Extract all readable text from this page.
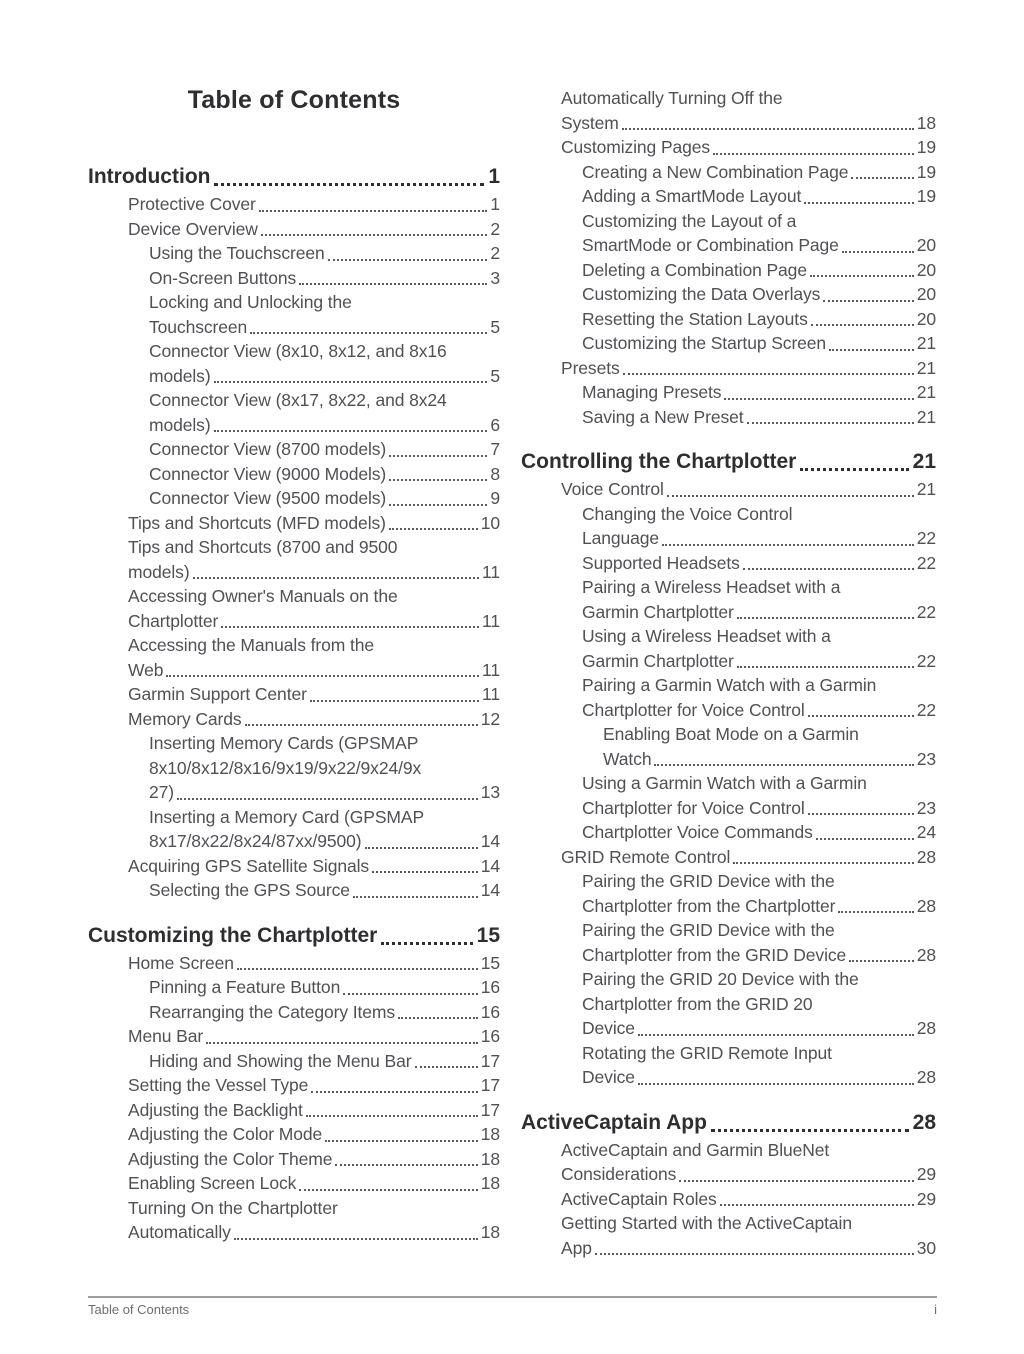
Table of Contents
Introduction	1
Protective Cover	1
Device Overview	2
Using the Touchscreen	2
On-Screen Buttons	3
Locking and Unlocking the
Touchscreen	5
Connector View (8x10, 8x12, and 8x16
models)	5
Connector View (8x17, 8x22, and 8x24
models)	6
Connector View (8700 models)	7
Connector View (9000 Models)	8
Connector View (9500 models)	9
Tips and Shortcuts (MFD models)	10
Tips and Shortcuts (8700 and 9500
models)	11
Accessing Owner's Manuals on the
Chartplotter	11
Accessing the Manuals from the
Web	11
Garmin Support Center	11
Memory Cards	12
Inserting Memory Cards (GPSMAP
8x10/8x12/8x16/9x19/9x22/9x24/9x
27)	13
Inserting a Memory Card (GPSMAP
8x17/8x22/8x24/87xx/9500)	14
Acquiring GPS Satellite Signals	14
Selecting the GPS Source	14
Customizing the Chartplotter	15
Home Screen	15
Pinning a Feature Button	16
Rearranging the Category Items	16
Menu Bar	16
Hiding and Showing the Menu Bar	17
Setting the Vessel Type	17
Adjusting the Backlight	17
Adjusting the Color Mode	18
Adjusting the Color Theme	18
Enabling Screen Lock	18
Turning On the Chartplotter
Automatically	18
Automatically Turning Off the
System	18
Customizing Pages	19
Creating a New Combination Page	19
Adding a SmartMode Layout	19
Customizing the Layout of a
SmartMode or Combination Page	20
Deleting a Combination Page	20
Customizing the Data Overlays	20
Resetting the Station Layouts	20
Customizing the Startup Screen	21
Presets	21
Managing Presets	21
Saving a New Preset	21
Controlling the Chartplotter	21
Voice Control	21
Changing the Voice Control
Language	22
Supported Headsets	22
Pairing a Wireless Headset with a
Garmin Chartplotter	22
Using a Wireless Headset with a
Garmin Chartplotter	22
Pairing a Garmin Watch with a Garmin
Chartplotter for Voice Control	22
Enabling Boat Mode on a Garmin
Watch	23
Using a Garmin Watch with a Garmin
Chartplotter for Voice Control	23
Chartplotter Voice Commands	24
GRID Remote Control	28
Pairing the GRID Device with the
Chartplotter from the Chartplotter	28
Pairing the GRID Device with the
Chartplotter from the GRID Device	28
Pairing the GRID 20 Device with the
Chartplotter from the GRID 20
Device	28
Rotating the GRID Remote Input
Device	28
ActiveCaptain App	28
ActiveCaptain and Garmin BlueNet
Considerations	29
ActiveCaptain Roles	29
Getting Started with the ActiveCaptain
App	30
Table of Contents	i
